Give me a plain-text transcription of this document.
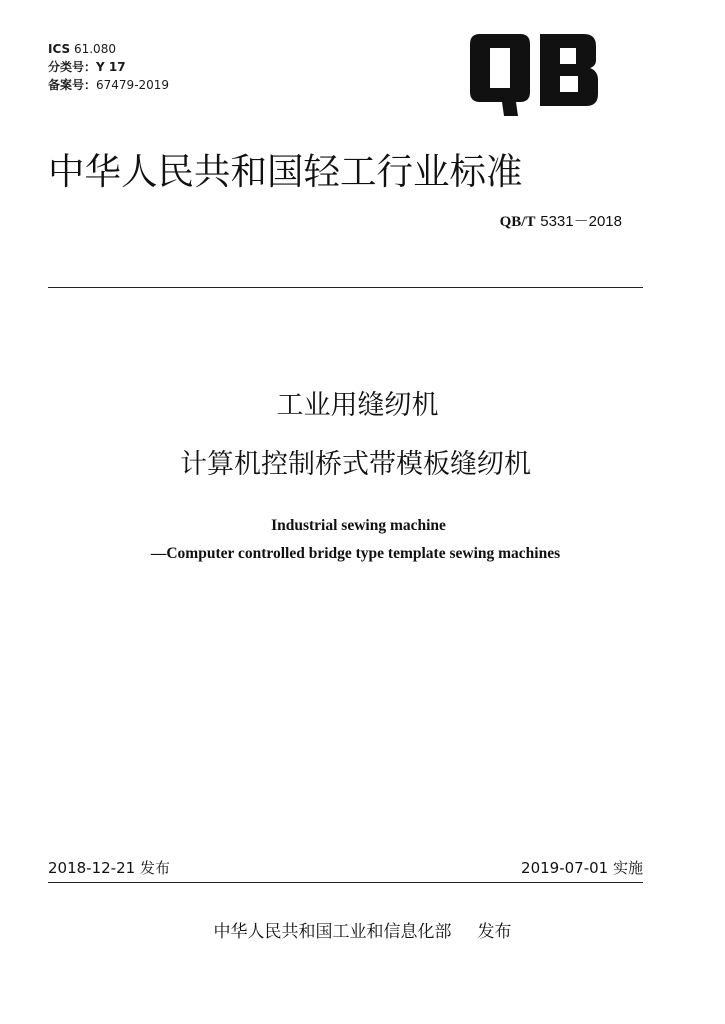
ICS 61.080
分类号：Y 17
备案号：67479-2019
中华人民共和国轻工行业标准
QB/T 5331－2018
工业用缝纫机
计算机控制桥式带模板缝纫机
Industrial sewing machine
—Computer controlled bridge type template sewing machines
2018-12-21 发布	2019-07-01 实施
中华人民共和国工业和信息化部 发布
